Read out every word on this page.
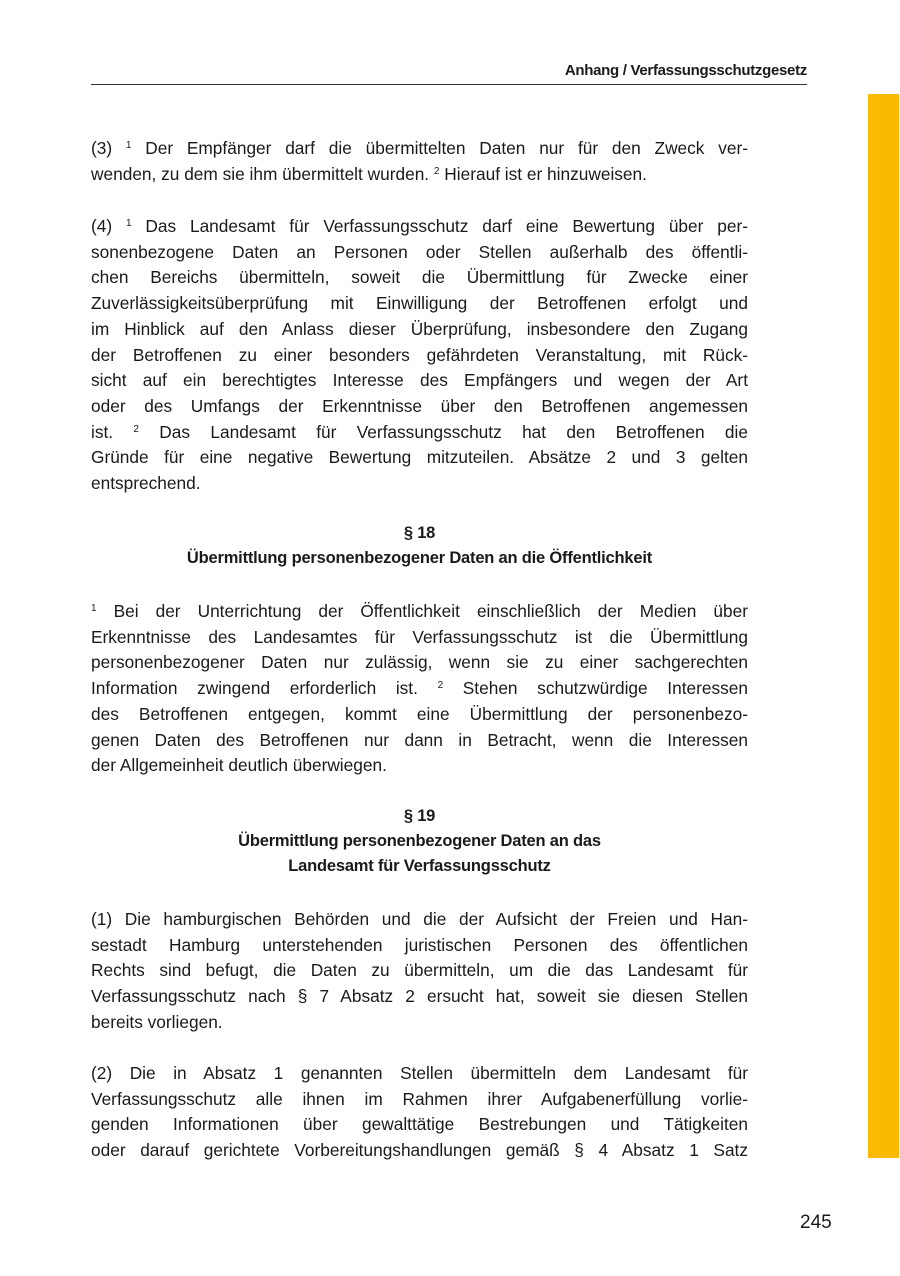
Anhang / Verfassungsschutzgesetz
(3) $^1$ Der Empfänger darf die übermittelten Daten nur für den Zweck ver-
wenden, zu dem sie ihm übermittelt wurden. $^2$ Hierauf ist er hinzuweisen.
(4) $^1$ Das Landesamt für Verfassungsschutz darf eine Bewertung über per-
sonenbezogene Daten an Personen oder Stellen außerhalb des öffentli-
chen Bereichs übermitteln, soweit die Übermittlung für Zwecke einer
Zuverlässigkeitsüberprüfung mit Einwilligung der Betroffenen erfolgt und
im Hinblick auf den Anlass dieser Überprüfung, insbesondere den Zugang
der Betroffenen zu einer besonders gefährdeten Veranstaltung, mit Rück-
sicht auf ein berechtigtes Interesse des Empfängers und wegen der Art
oder des Umfangs der Erkenntnisse über den Betroffenen angemessen
ist. $^2$ Das Landesamt für Verfassungsschutz hat den Betroffenen die
Gründe für eine negative Bewertung mitzuteilen. Absätze 2 und 3 gelten
entsprechend.
§ 18
Übermittlung personenbezogener Daten an die Öffentlichkeit
$^1$ Bei der Unterrichtung der Öffentlichkeit einschließlich der Medien über
Erkenntnisse des Landesamtes für Verfassungsschutz ist die Übermittlung
personenbezogener Daten nur zulässig, wenn sie zu einer sachgerechten
Information zwingend erforderlich ist. $^2$ Stehen schutzwürdige Interessen
des Betroffenen entgegen, kommt eine Übermittlung der personenbezo-
genen Daten des Betroffenen nur dann in Betracht, wenn die Interessen
der Allgemeinheit deutlich überwiegen.
§ 19
Übermittlung personenbezogener Daten an das
Landesamt für Verfassungsschutz
(1) Die hamburgischen Behörden und die der Aufsicht der Freien und Han-
sestadt Hamburg unterstehenden juristischen Personen des öffentlichen
Rechts sind befugt, die Daten zu übermitteln, um die das Landesamt für
Verfassungsschutz nach § 7 Absatz 2 ersucht hat, soweit sie diesen Stellen
bereits vorliegen.
(2) Die in Absatz 1 genannten Stellen übermitteln dem Landesamt für
Verfassungsschutz alle ihnen im Rahmen ihrer Aufgabenerfüllung vorlie-
genden Informationen über gewalttätige Bestrebungen und Tätigkeiten
oder darauf gerichtete Vorbereitungshandlungen gemäß § 4 Absatz 1 Satz
245
